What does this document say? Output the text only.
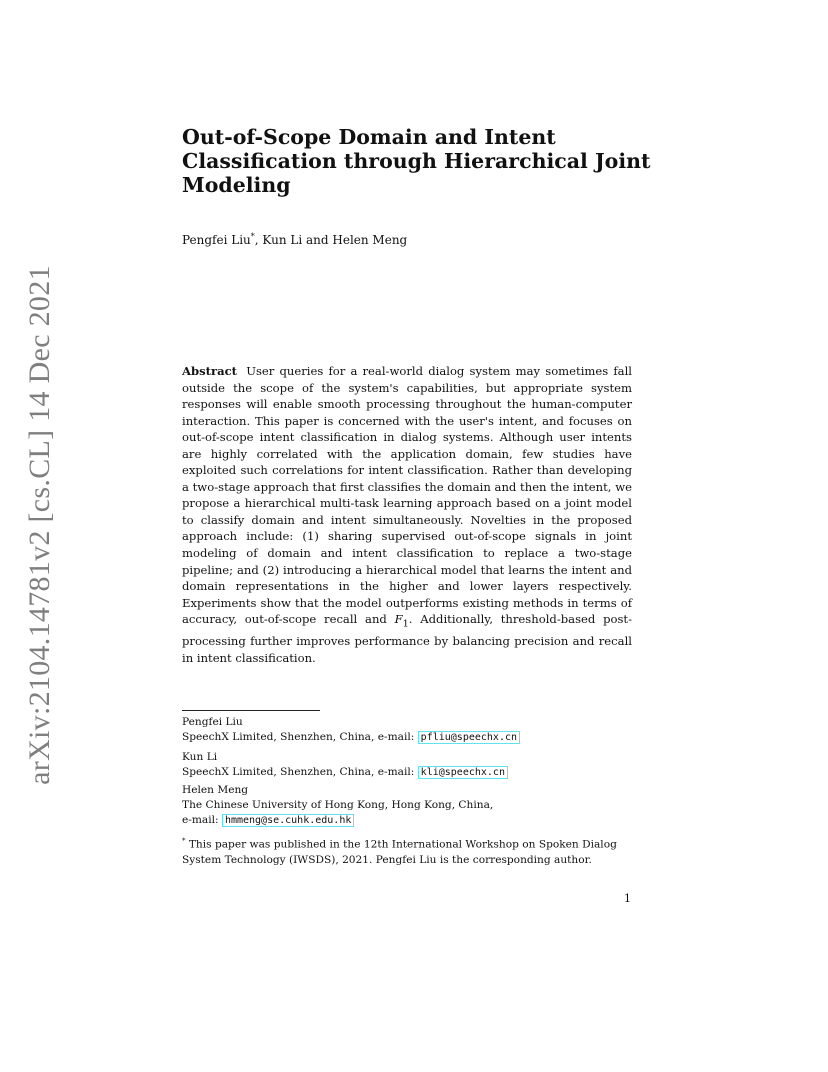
arXiv:2104.14781v2 [cs.CL] 14 Dec 2021
Out-of-Scope Domain and Intent Classification through Hierarchical Joint Modeling
Pengfei Liu*, Kun Li and Helen Meng
Abstract User queries for a real-world dialog system may sometimes fall outside the scope of the system's capabilities, but appropriate system responses will enable smooth processing throughout the human-computer interaction. This paper is concerned with the user's intent, and focuses on out-of-scope intent classification in dialog systems. Although user intents are highly correlated with the application domain, few studies have exploited such correlations for intent classification. Rather than developing a two-stage approach that first classifies the domain and then the intent, we propose a hierarchical multi-task learning approach based on a joint model to classify domain and intent simultaneously. Novelties in the proposed approach include: (1) sharing supervised out-of-scope signals in joint modeling of domain and intent classification to replace a two-stage pipeline; and (2) introducing a hierarchical model that learns the intent and domain representations in the higher and lower layers respectively. Experiments show that the model outperforms existing methods in terms of accuracy, out-of-scope recall and $F_1$. Additionally, threshold-based post-processing further improves performance by balancing precision and recall in intent classification.
Pengfei Liu
SpeechX Limited, Shenzhen, China, e-mail: pfliu@speechx.cn
Kun Li
SpeechX Limited, Shenzhen, China, e-mail: kli@speechx.cn
Helen Meng
The Chinese University of Hong Kong, Hong Kong, China,
e-mail: hmmeng@se.cuhk.edu.hk
* This paper was published in the 12th International Workshop on Spoken Dialog System Technology (IWSDS), 2021. Pengfei Liu is the corresponding author.
1
